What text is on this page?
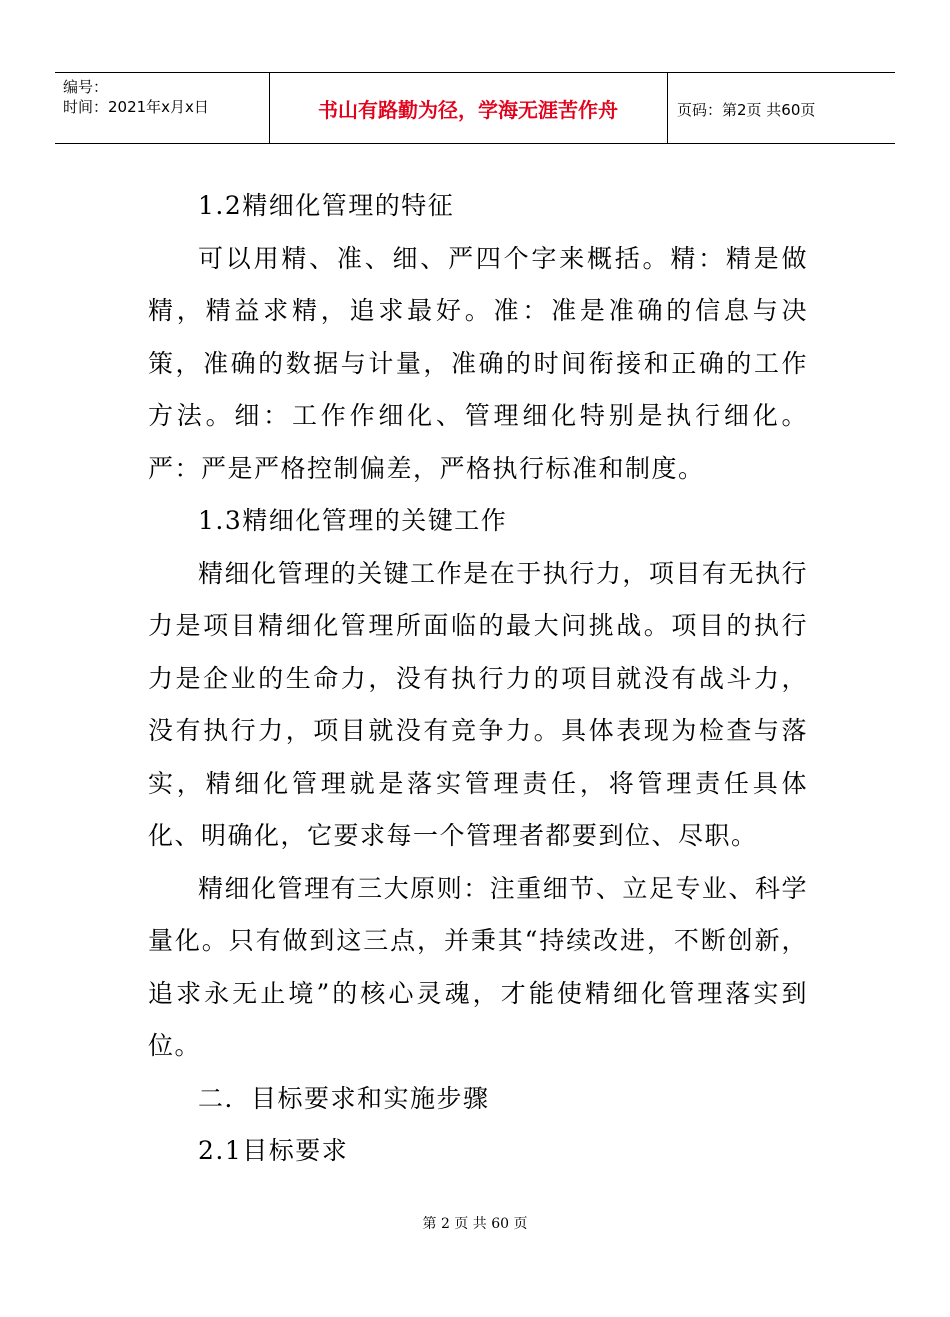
编号：
时间：2021年x月x日	书山有路勤为径，学海无涯苦作舟	页码：第2页 共60页

1.2精细化管理的特征

可以用精、准、细、严四个字来概括。精：精是做精，精益求精，追求最好。准：准是准确的信息与决策，准确的数据与计量，准确的时间衔接和正确的工作方法。细：工作作细化、管理细化特别是执行细化。严：严是严格控制偏差，严格执行标准和制度。

1.3精细化管理的关键工作

精细化管理的关键工作是在于执行力，项目有无执行力是项目精细化管理所面临的最大问挑战。项目的执行力是企业的生命力，没有执行力的项目就没有战斗力，没有执行力，项目就没有竞争力。具体表现为检查与落实，精细化管理就是落实管理责任，将管理责任具体化、明确化，它要求每一个管理者都要到位、尽职。

精细化管理有三大原则：注重细节、立足专业、科学量化。只有做到这三点，并秉其“持续改进，不断创新，追求永无止境”的核心灵魂，才能使精细化管理落实到位。

二．目标要求和实施步骤

2.1目标要求

第 2 页 共 60 页
